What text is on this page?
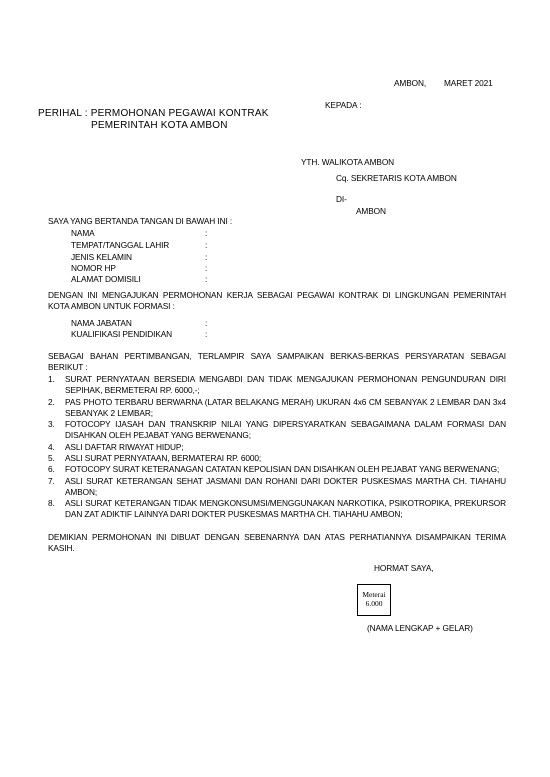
AMBON, MARET 2021
KEPADA :
PERIHAL : PERMOHONAN PEGAWAI KONTRAK
PEMERINTAH KOTA AMBON
YTH. WALIKOTA AMBON
Cq. SEKRETARIS KOTA AMBON
DI-
AMBON
SAYA YANG BERTANDA TANGAN DI BAWAH INI :
NAMA	:
TEMPAT/TANGGAL LAHIR	:
JENIS KELAMIN	:
NOMOR HP	:
ALAMAT DOMISILI	:
DENGAN INI MENGAJUKAN PERMOHONAN KERJA SEBAGAI PEGAWAI KONTRAK DI LINGKUNGAN PEMERINTAH
KOTA AMBON UNTUK FORMASI :
NAMA JABATAN	:
KUALIFIKASI PENDIDIKAN	:
SEBAGAI BAHAN PERTIMBANGAN, TERLAMPIR SAYA SAMPAIKAN BERKAS-BERKAS PERSYARATAN SEBAGAI
BERIKUT :
1. SURAT PERNYATAAN BERSEDIA MENGABDI DAN TIDAK MENGAJUKAN PERMOHONAN PENGUNDURAN DIRI
SEPIHAK, BERMETERAI RP. 6000,-;
2. PAS PHOTO TERBARU BERWARNA (LATAR BELAKANG MERAH) UKURAN 4x6 CM SEBANYAK 2 LEMBAR DAN 3x4
SEBANYAK 2 LEMBAR;
3. FOTOCOPY IJASAH DAN TRANSKRIP NILAI YANG DIPERSYARATKAN SEBAGAIMANA DALAM FORMASI DAN
DISAHKAN OLEH PEJABAT YANG BERWENANG;
4. ASLI DAFTAR RIWAYAT HIDUP;
5. ASLI SURAT PERNYATAAN, BERMATERAI RP. 6000;
6. FOTOCOPY SURAT KETERANAGAN CATATAN KEPOLISIAN DAN DISAHKAN OLEH PEJABAT YANG BERWENANG;
7. ASLI SURAT KETERANGAN SEHAT JASMANI DAN ROHANI DARI DOKTER PUSKESMAS MARTHA CH. TIAHAHU
AMBON;
8. ASLI SURAT KETERANGAN TIDAK MENGKONSUMSI/MENGGUNAKAN NARKOTIKA, PSIKOTROPIKA, PREKURSOR
DAN ZAT ADIKTIF LAINNYA DARI DOKTER PUSKESMAS MARTHA CH. TIAHAHU AMBON;
DEMIKIAN PERMOHONAN INI DIBUAT DENGAN SEBENARNYA DAN ATAS PERHATIANNYA DISAMPAIKAN TERIMA
KASIH.
HORMAT SAYA,
Meterai
6.000
(NAMA LENGKAP + GELAR)
